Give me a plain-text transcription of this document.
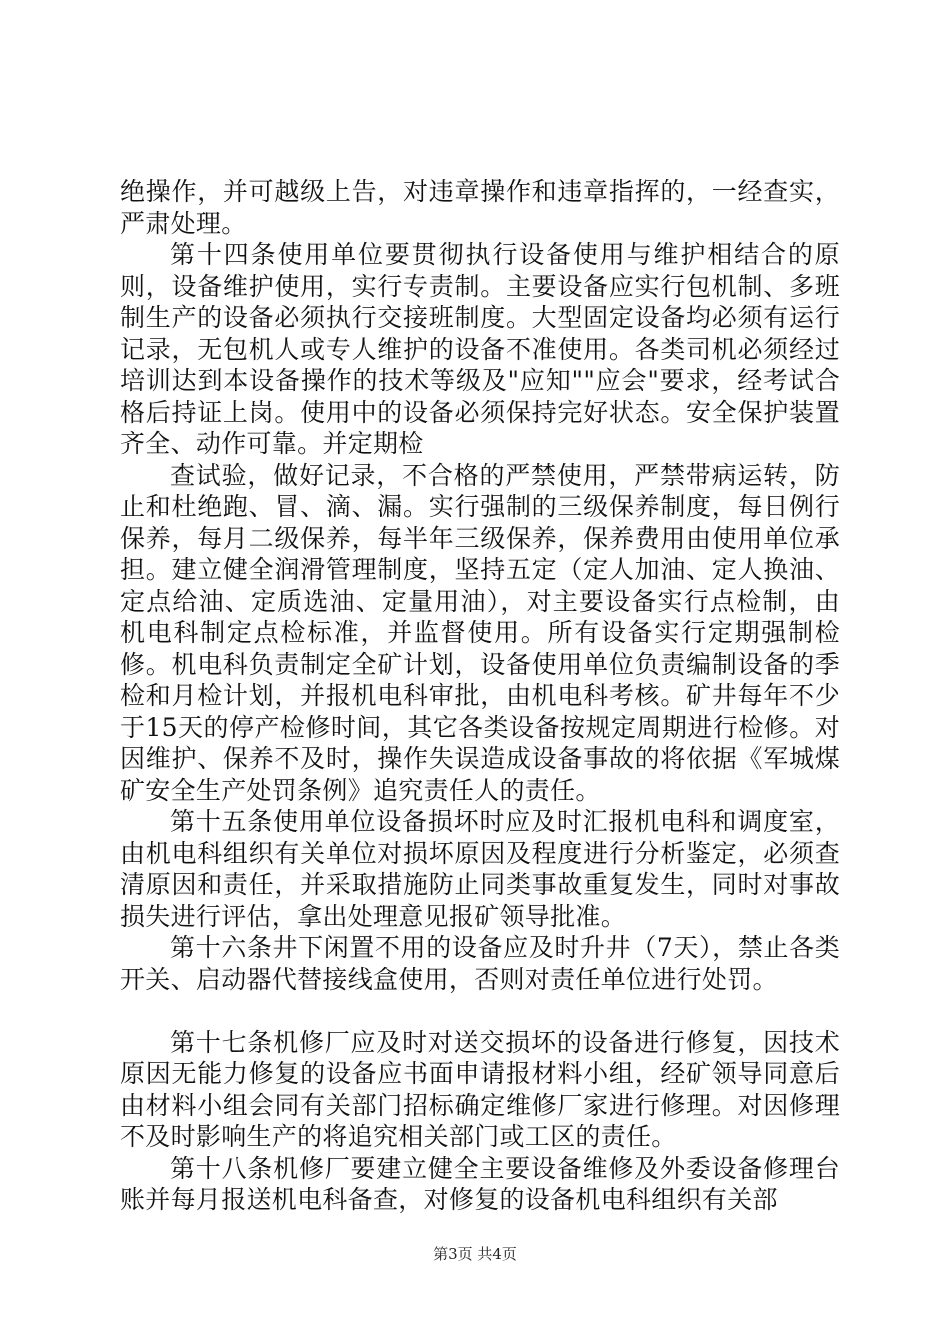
绝操作，并可越级上告，对违章操作和违章指挥的，一经查实，严肃处理。

第十四条使用单位要贯彻执行设备使用与维护相结合的原则，设备维护使用，实行专责制。主要设备应实行包机制、多班制生产的设备必须执行交接班制度。大型固定设备均必须有运行记录，无包机人或专人维护的设备不准使用。各类司机必须经过培训达到本设备操作的技术等级及"应知""应会"要求，经考试合格后持证上岗。使用中的设备必须保持完好状态。安全保护装置齐全、动作可靠。并定期检

查试验，做好记录，不合格的严禁使用，严禁带病运转，防止和杜绝跑、冒、滴、漏。实行强制的三级保养制度，每日例行保养，每月二级保养，每半年三级保养，保养费用由使用单位承担。建立健全润滑管理制度，坚持五定（定人加油、定人换油、定点给油、定质选油、定量用油），对主要设备实行点检制，由机电科制定点检标准，并监督使用。所有设备实行定期强制检修。机电科负责制定全矿计划，设备使用单位负责编制设备的季检和月检计划，并报机电科审批，由机电科考核。矿井每年不少于15天的停产检修时间，其它各类设备按规定周期进行检修。对因维护、保养不及时，操作失误造成设备事故的将依据《军城煤矿安全生产处罚条例》追究责任人的责任。

第十五条使用单位设备损坏时应及时汇报机电科和调度室，由机电科组织有关单位对损坏原因及程度进行分析鉴定，必须查清原因和责任，并采取措施防止同类事故重复发生，同时对事故损失进行评估，拿出处理意见报矿领导批准。

第十六条井下闲置不用的设备应及时升井（7天），禁止各类开关、启动器代替接线盒使用，否则对责任单位进行处罚。

第十七条机修厂应及时对送交损坏的设备进行修复，因技术原因无能力修复的设备应书面申请报材料小组，经矿领导同意后由材料小组会同有关部门招标确定维修厂家进行修理。对因修理不及时影响生产的将追究相关部门或工区的责任。

第十八条机修厂要建立健全主要设备维修及外委设备修理台账并每月报送机电科备查，对修复的设备机电科组织有关部

第3页 共4页
